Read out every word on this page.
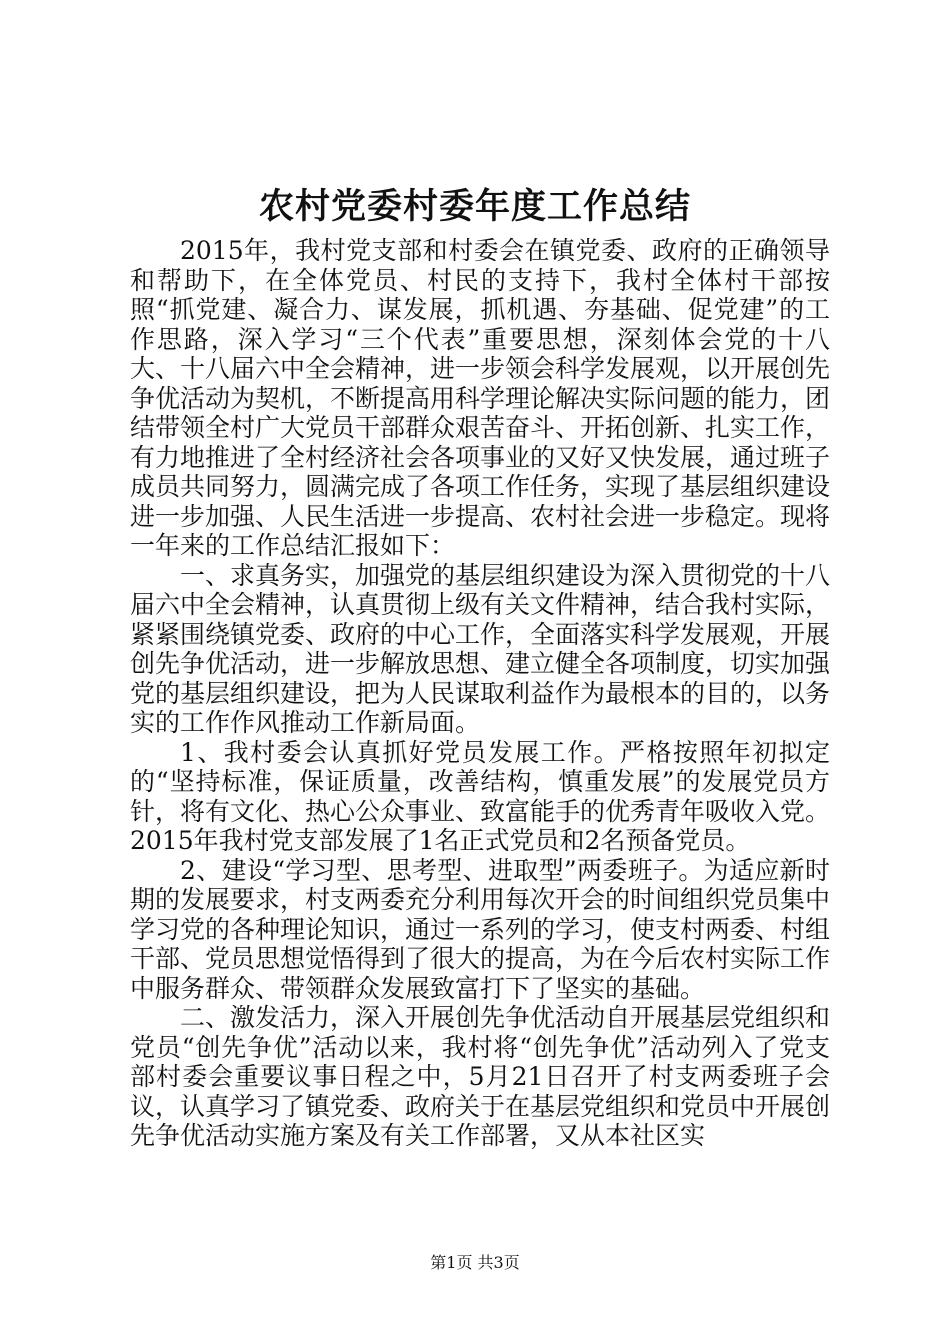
农村党委村委年度工作总结

2015年，我村党支部和村委会在镇党委、政府的正确领导和帮助下，在全体党员、村民的支持下，我村全体村干部按照“抓党建、凝合力、谋发展，抓机遇、夯基础、促党建”的工作思路，深入学习“三个代表”重要思想，深刻体会党的十八大、十八届六中全会精神，进一步领会科学发展观，以开展创先争优活动为契机，不断提高用科学理论解决实际问题的能力，团结带领全村广大党员干部群众艰苦奋斗、开拓创新、扎实工作，有力地推进了全村经济社会各项事业的又好又快发展，通过班子成员共同努力，圆满完成了各项工作任务，实现了基层组织建设进一步加强、人民生活进一步提高、农村社会进一步稳定。现将一年来的工作总结汇报如下：

一、求真务实，加强党的基层组织建设为深入贯彻党的十八届六中全会精神，认真贯彻上级有关文件精神，结合我村实际，紧紧围绕镇党委、政府的中心工作，全面落实科学发展观，开展创先争优活动，进一步解放思想、建立健全各项制度，切实加强党的基层组织建设，把为人民谋取利益作为最根本的目的，以务实的工作作风推动工作新局面。

1、我村委会认真抓好党员发展工作。严格按照年初拟定的“坚持标准，保证质量，改善结构，慎重发展”的发展党员方针，将有文化、热心公众事业、致富能手的优秀青年吸收入党。2015年我村党支部发展了1名正式党员和2名预备党员。

2、建设“学习型、思考型、进取型”两委班子。为适应新时期的发展要求，村支两委充分利用每次开会的时间组织党员集中学习党的各种理论知识，通过一系列的学习，使支村两委、村组干部、党员思想觉悟得到了很大的提高，为在今后农村实际工作中服务群众、带领群众发展致富打下了坚实的基础。

二、激发活力，深入开展创先争优活动自开展基层党组织和党员“创先争优”活动以来，我村将“创先争优”活动列入了党支部村委会重要议事日程之中，5月21日召开了村支两委班子会议，认真学习了镇党委、政府关于在基层党组织和党员中开展创先争优活动实施方案及有关工作部署，又从本社区实

第1页 共3页
